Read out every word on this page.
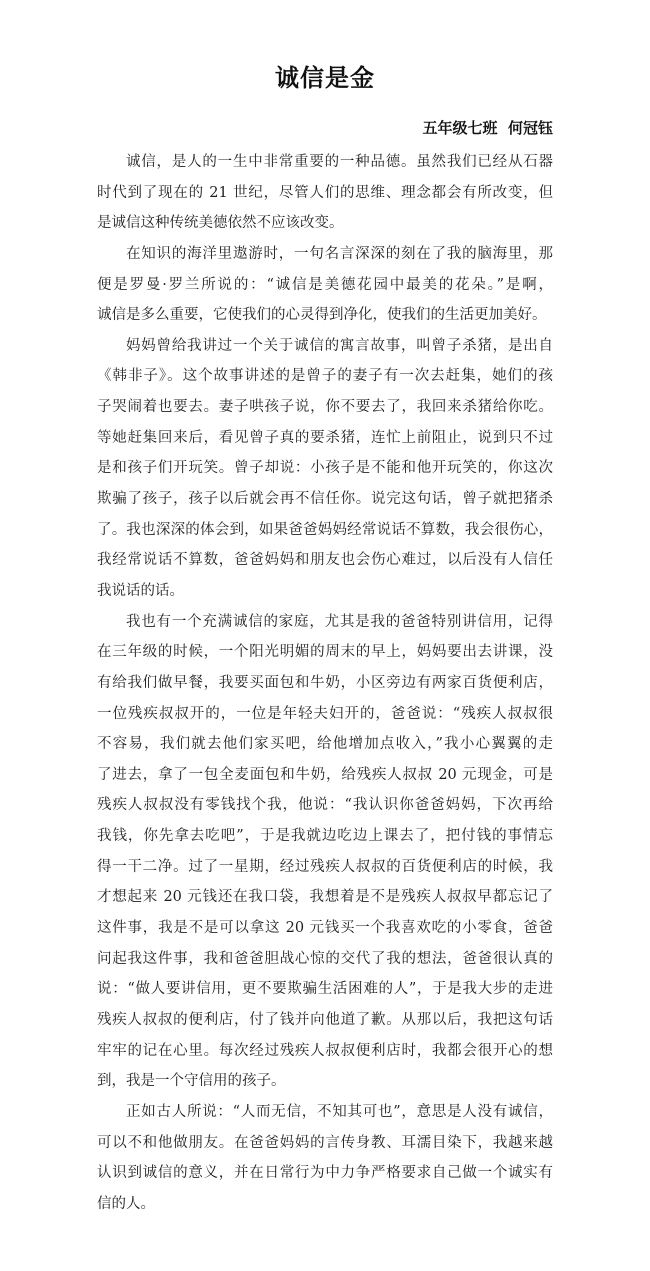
诚信是金
五年级七班 何冠钰
诚信，是人的一生中非常重要的一种品德。虽然我们已经从石器
时代到了现在的 21 世纪，尽管人们的思维、理念都会有所改变，但
是诚信这种传统美德依然不应该改变。
在知识的海洋里遨游时，一句名言深深的刻在了我的脑海里，那
便是罗曼·罗兰所说的：“诚信是美德花园中最美的花朵。”是啊，
诚信是多么重要，它使我们的心灵得到净化，使我们的生活更加美好。
妈妈曾给我讲过一个关于诚信的寓言故事，叫曾子杀猪，是出自
《韩非子》。这个故事讲述的是曾子的妻子有一次去赶集，她们的孩
子哭闹着也要去。妻子哄孩子说，你不要去了，我回来杀猪给你吃。
等她赶集回来后，看见曾子真的要杀猪，连忙上前阻止，说到只不过
是和孩子们开玩笑。曾子却说：小孩子是不能和他开玩笑的，你这次
欺骗了孩子，孩子以后就会再不信任你。说完这句话，曾子就把猪杀
了。我也深深的体会到，如果爸爸妈妈经常说话不算数，我会很伤心，
我经常说话不算数，爸爸妈妈和朋友也会伤心难过，以后没有人信任
我说话的话。
我也有一个充满诚信的家庭，尤其是我的爸爸特别讲信用，记得
在三年级的时候，一个阳光明媚的周末的早上，妈妈要出去讲课，没
有给我们做早餐，我要买面包和牛奶，小区旁边有两家百货便利店，
一位残疾叔叔开的，一位是年轻夫妇开的，爸爸说：“残疾人叔叔很
不容易，我们就去他们家买吧，给他增加点收入，”我小心翼翼的走
了进去，拿了一包全麦面包和牛奶，给残疾人叔叔 20 元现金，可是
残疾人叔叔没有零钱找个我，他说：“我认识你爸爸妈妈，下次再给
我钱，你先拿去吃吧”，于是我就边吃边上课去了，把付钱的事情忘
得一干二净。过了一星期，经过残疾人叔叔的百货便利店的时候，我
才想起来 20 元钱还在我口袋，我想着是不是残疾人叔叔早都忘记了
这件事，我是不是可以拿这 20 元钱买一个我喜欢吃的小零食，爸爸
问起我这件事，我和爸爸胆战心惊的交代了我的想法，爸爸很认真的
说：“做人要讲信用，更不要欺骗生活困难的人”，于是我大步的走进
残疾人叔叔的便利店，付了钱并向他道了歉。从那以后，我把这句话
牢牢的记在心里。每次经过残疾人叔叔便利店时，我都会很开心的想
到，我是一个守信用的孩子。
正如古人所说：“人而无信，不知其可也”，意思是人没有诚信，
可以不和他做朋友。在爸爸妈妈的言传身教、耳濡目染下，我越来越
认识到诚信的意义，并在日常行为中力争严格要求自己做一个诚实有
信的人。
